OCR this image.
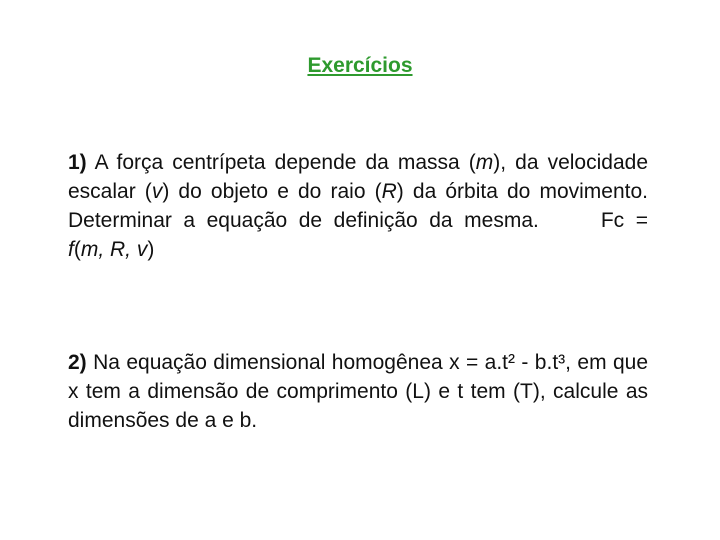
Exercícios

1) A força centrípeta depende da massa (m), da velocidade escalar (v) do objeto e do raio (R) da órbita do movimento. Determinar a equação de definição da mesma.	Fc = f(m, R, v)

2) Na equação dimensional homogênea x = a.t² - b.t³, em que x tem a dimensão de comprimento (L) e t tem (T), calcule as dimensões de a e b.
